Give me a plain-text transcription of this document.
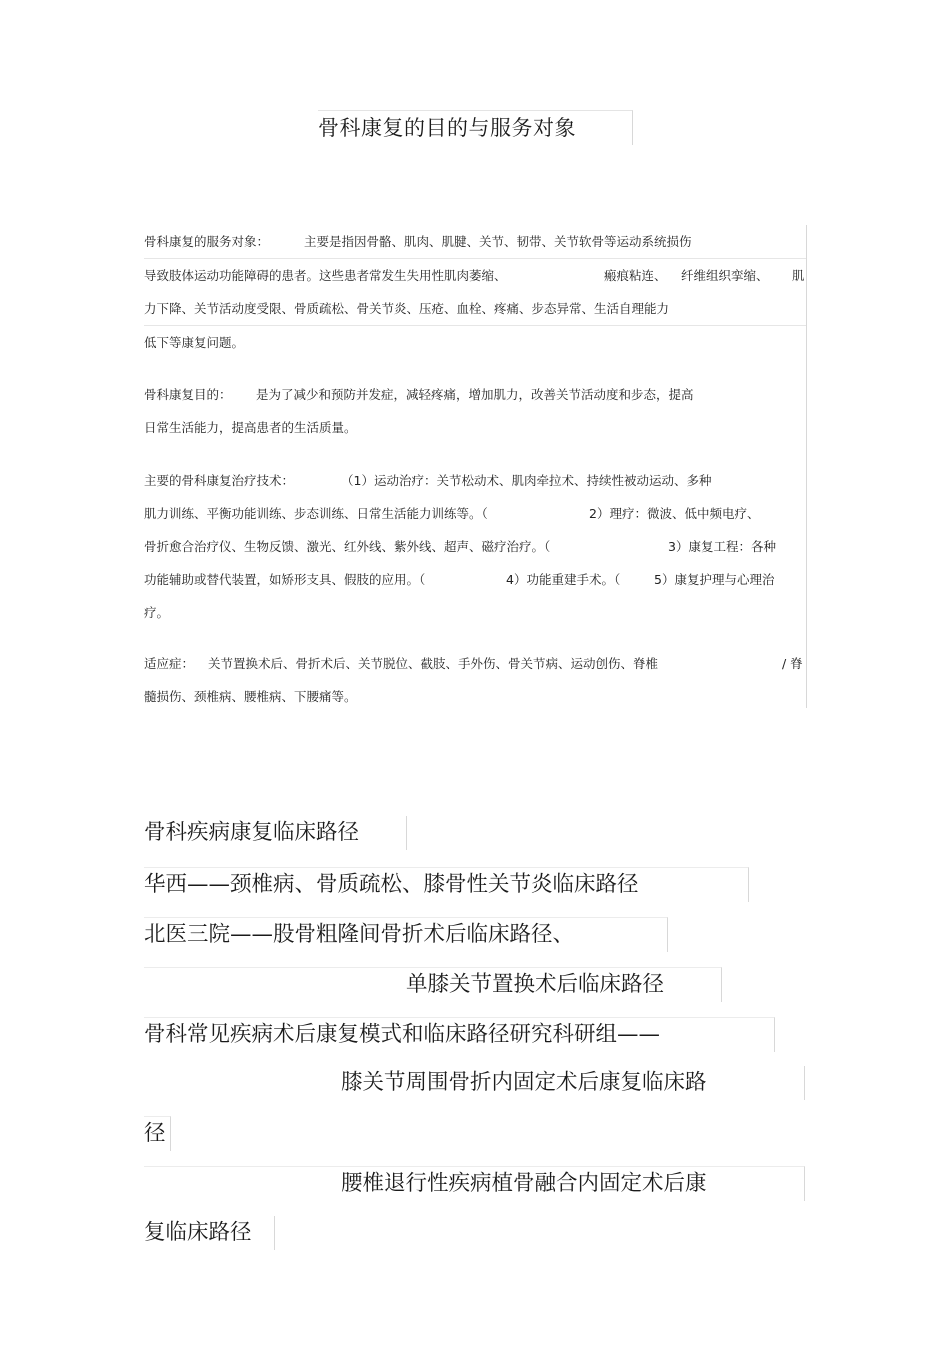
骨科康复的目的与服务对象
骨科康复的服务对象：	主要是指因骨骼、肌肉、肌腱、关节、韧带、关节软骨等运动系统损伤
导致肢体运动功能障碍的患者。这些患者常发生失用性肌肉萎缩、	瘢痕粘连、 纤维组织挛缩、 肌
力下降、关节活动度受限、骨质疏松、骨关节炎、压疮、血栓、疼痛、步态异常、生活自理能力
低下等康复问题。
骨科康复目的： 是为了减少和预防并发症，减轻疼痛，增加肌力，改善关节活动度和步态，提高
日常生活能力，提高患者的生活质量。
主要的骨科康复治疗技术：	（1）运动治疗：关节松动术、肌肉牵拉术、持续性被动运动、多种
肌力训练、平衡功能训练、步态训练、日常生活能力训练等。（	2）理疗：微波、低中频电疗、
骨折愈合治疗仪、生物反馈、激光、红外线、紫外线、超声、磁疗治疗。（	3）康复工程：各种
功能辅助或替代装置，如矫形支具、假肢的应用。（	4）功能重建手术。（	5）康复护理与心理治
疗。
适应症： 关节置换术后、骨折术后、关节脱位、截肢、手外伤、骨关节病、运动创伤、脊椎	/ 脊
髓损伤、颈椎病、腰椎病、下腰痛等。
骨科疾病康复临床路径
华西——颈椎病、骨质疏松、膝骨性关节炎临床路径
北医三院——股骨粗隆间骨折术后临床路径、
单膝关节置换术后临床路径
骨科常见疾病术后康复模式和临床路径研究科研组——
膝关节周围骨折内固定术后康复临床路
径
腰椎退行性疾病植骨融合内固定术后康
复临床路径
